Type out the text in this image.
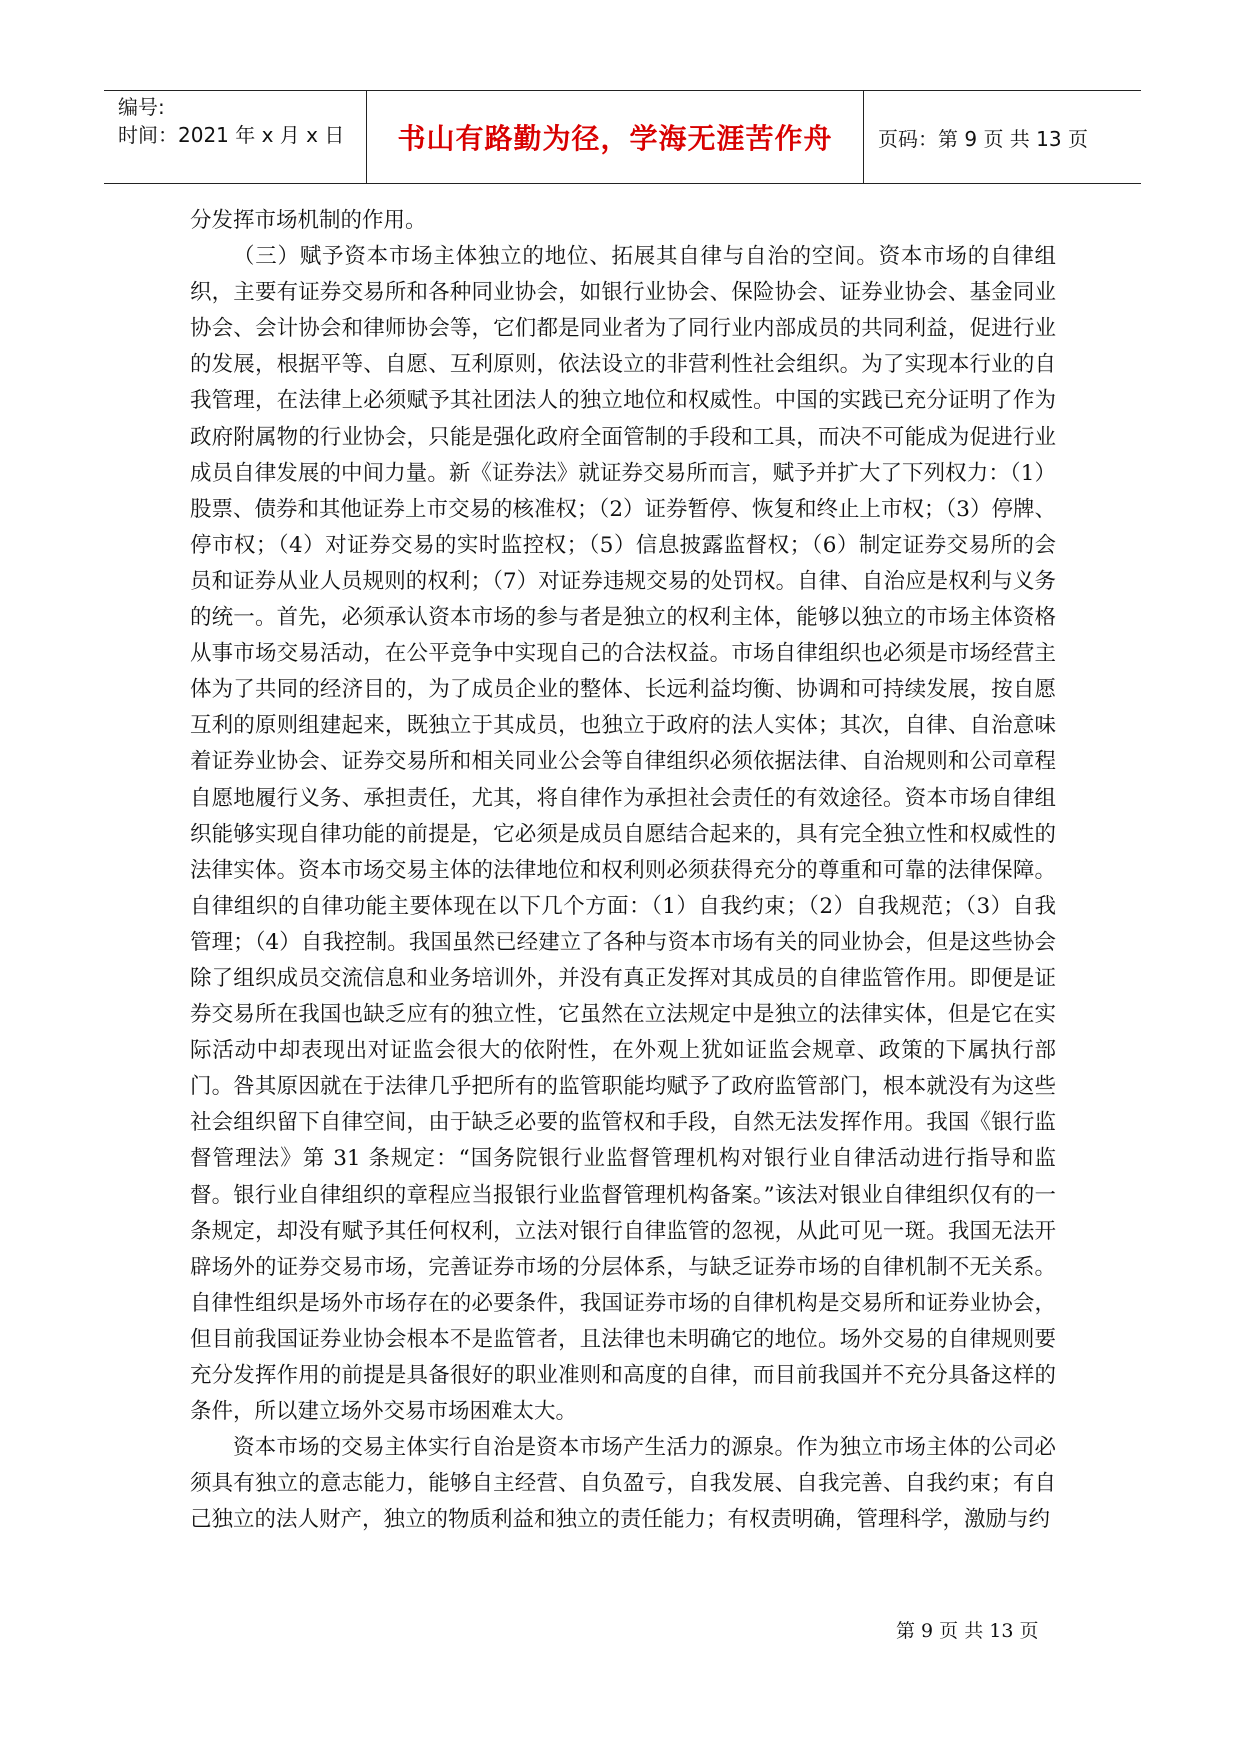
编号:
时间：2021 年 x 月 x 日	书山有路勤为径，学海无涯苦作舟	页码：第 9 页 共 13 页

分发挥市场机制的作用。

（三）赋予资本市场主体独立的地位、拓展其自律与自治的空间。资本市场的自律组织，主要有证券交易所和各种同业协会，如银行业协会、保险协会、证券业协会、基金同业协会、会计协会和律师协会等，它们都是同业者为了同行业内部成员的共同利益，促进行业的发展，根据平等、自愿、互利原则，依法设立的非营利性社会组织。为了实现本行业的自我管理，在法律上必须赋予其社团法人的独立地位和权威性。中国的实践已充分证明了作为政府附属物的行业协会，只能是强化政府全面管制的手段和工具，而决不可能成为促进行业成员自律发展的中间力量。新《证券法》就证券交易所而言，赋予并扩大了下列权力：（1）股票、债券和其他证券上市交易的核准权；（2）证券暂停、恢复和终止上市权；（3）停牌、停市权；（4）对证券交易的实时监控权；（5）信息披露监督权；（6）制定证券交易所的会员和证券从业人员规则的权利；（7）对证券违规交易的处罚权。自律、自治应是权利与义务的统一。首先，必须承认资本市场的参与者是独立的权利主体，能够以独立的市场主体资格从事市场交易活动，在公平竞争中实现自己的合法权益。市场自律组织也必须是市场经营主体为了共同的经济目的，为了成员企业的整体、长远利益均衡、协调和可持续发展，按自愿互利的原则组建起来，既独立于其成员，也独立于政府的法人实体；其次，自律、自治意味着证券业协会、证券交易所和相关同业公会等自律组织必须依据法律、自治规则和公司章程自愿地履行义务、承担责任，尤其，将自律作为承担社会责任的有效途径。资本市场自律组织能够实现自律功能的前提是，它必须是成员自愿结合起来的，具有完全独立性和权威性的法律实体。资本市场交易主体的法律地位和权利则必须获得充分的尊重和可靠的法律保障。自律组织的自律功能主要体现在以下几个方面：（1）自我约束；（2）自我规范；（3）自我管理；（4）自我控制。我国虽然已经建立了各种与资本市场有关的同业协会，但是这些协会除了组织成员交流信息和业务培训外，并没有真正发挥对其成员的自律监管作用。即便是证券交易所在我国也缺乏应有的独立性，它虽然在立法规定中是独立的法律实体，但是它在实际活动中却表现出对证监会很大的依附性，在外观上犹如证监会规章、政策的下属执行部门。咎其原因就在于法律几乎把所有的监管职能均赋予了政府监管部门，根本就没有为这些社会组织留下自律空间，由于缺乏必要的监管权和手段，自然无法发挥作用。我国《银行监督管理法》第 31 条规定：“国务院银行业监督管理机构对银行业自律活动进行指导和监督。银行业自律组织的章程应当报银行业监督管理机构备案。”该法对银业自律组织仅有的一条规定，却没有赋予其任何权利，立法对银行自律监管的忽视，从此可见一斑。我国无法开辟场外的证券交易市场，完善证券市场的分层体系，与缺乏证券市场的自律机制不无关系。自律性组织是场外市场存在的必要条件，我国证券市场的自律机构是交易所和证券业协会，但目前我国证券业协会根本不是监管者，且法律也未明确它的地位。场外交易的自律规则要充分发挥作用的前提是具备很好的职业准则和高度的自律，而目前我国并不充分具备这样的条件，所以建立场外交易市场困难太大。

资本市场的交易主体实行自治是资本市场产生活力的源泉。作为独立市场主体的公司必须具有独立的意志能力，能够自主经营、自负盈亏，自我发展、自我完善、自我约束；有自己独立的法人财产，独立的物质利益和独立的责任能力；有权责明确，管理科学，激励与约

第 9 页 共 13 页
